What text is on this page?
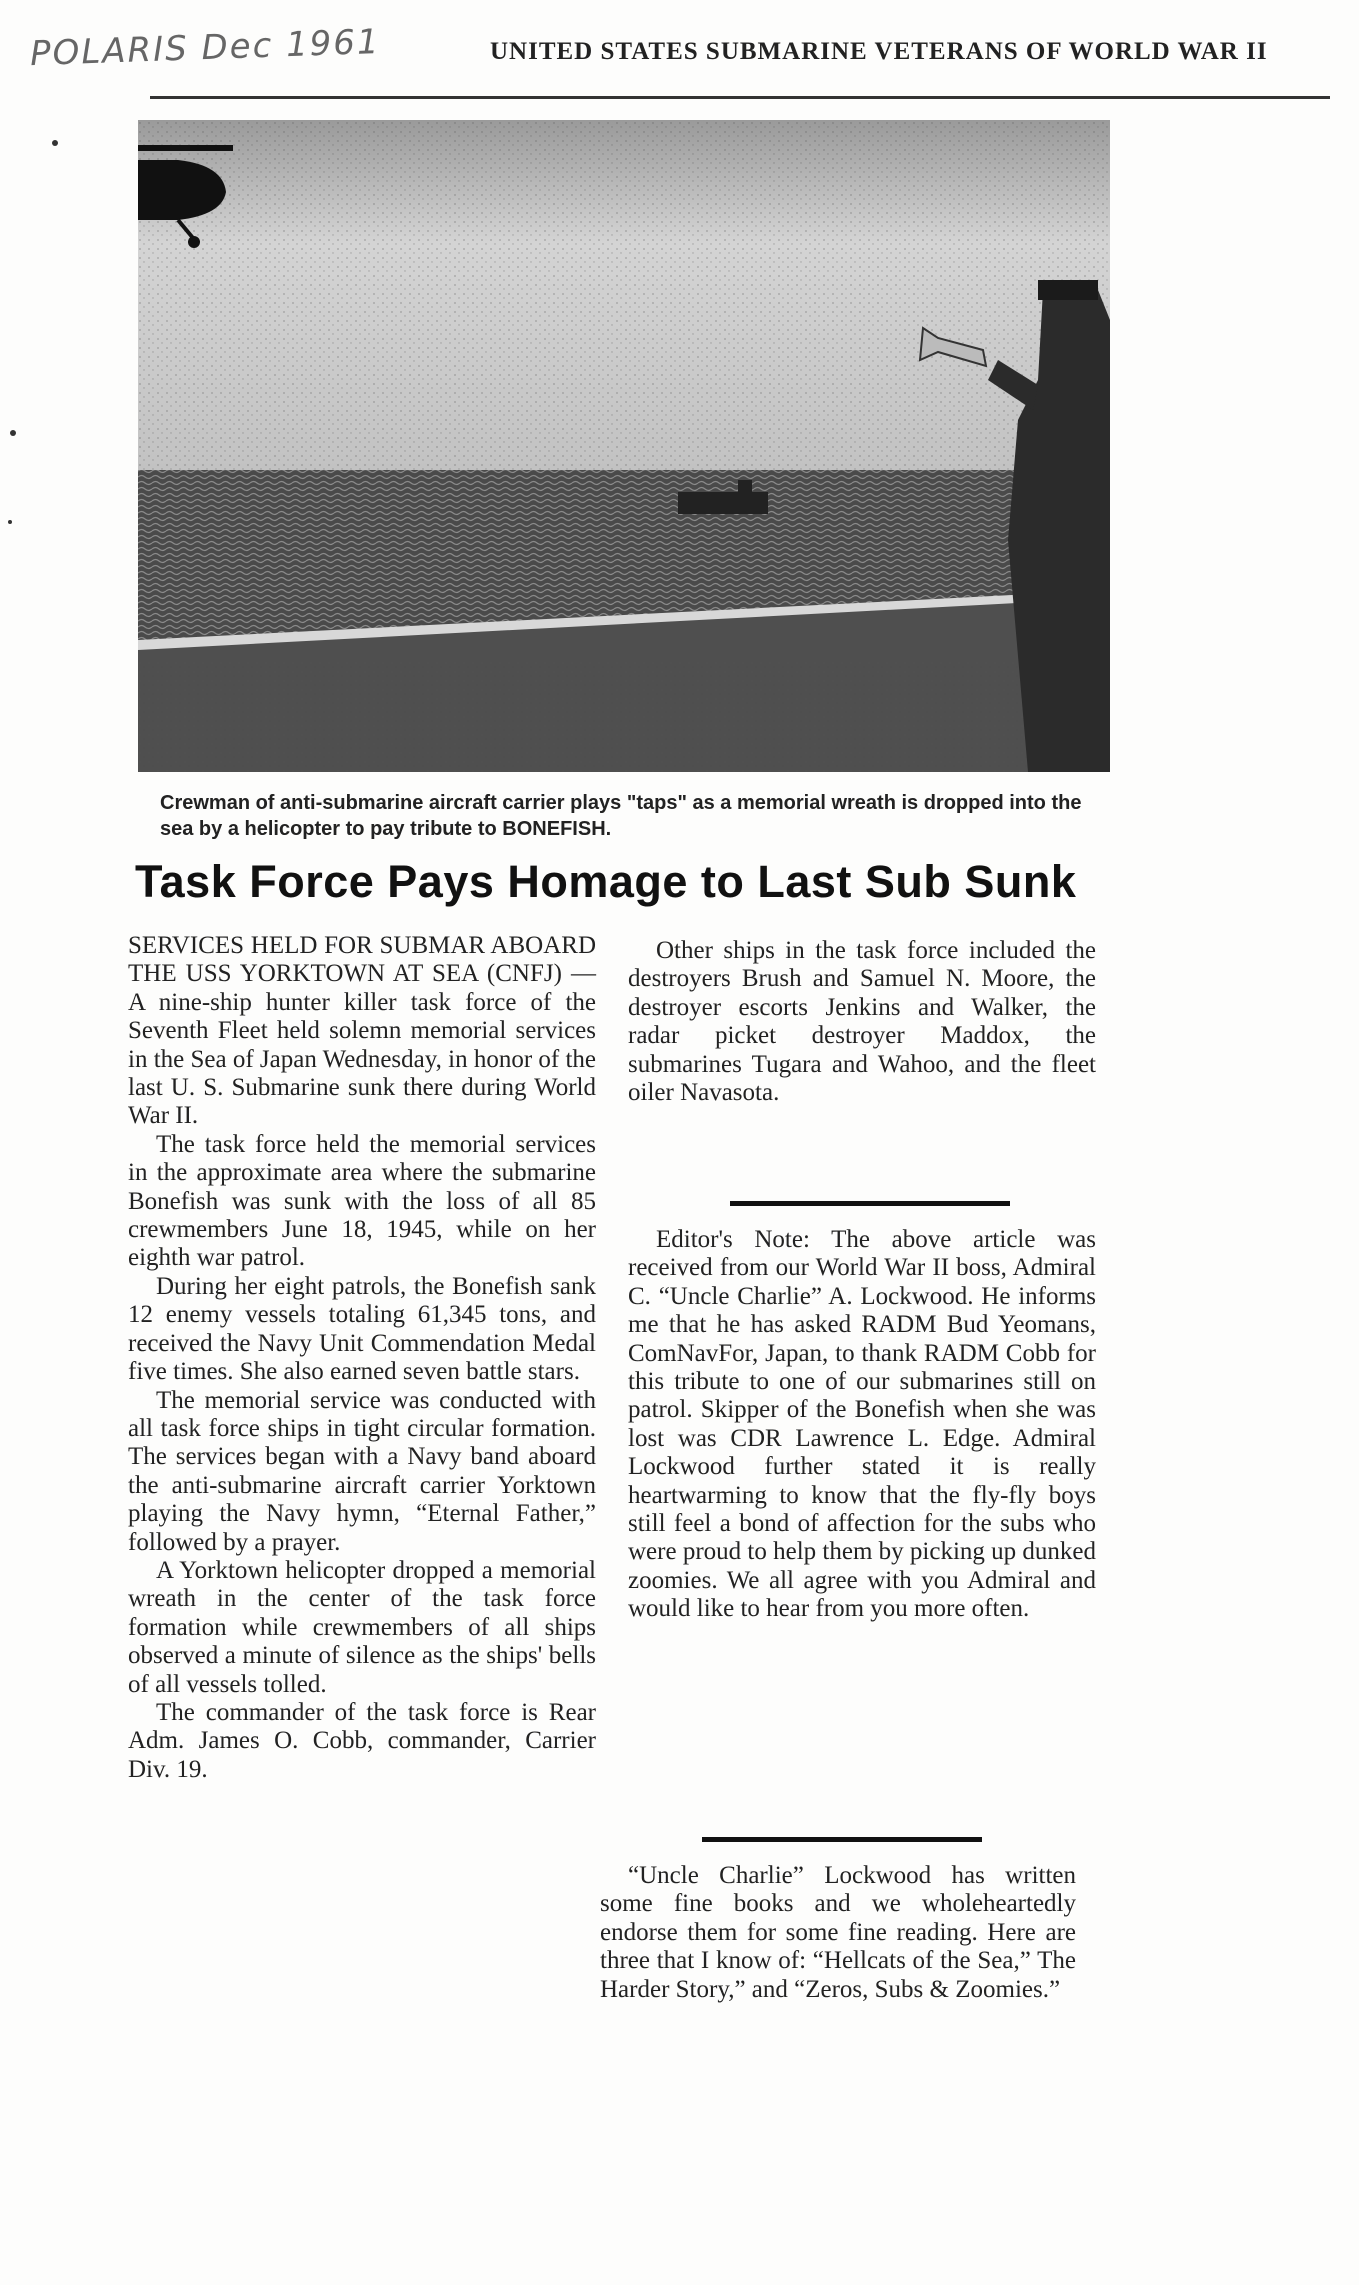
POLARIS Dec 1961	UNITED STATES SUBMARINE VETERANS OF WORLD WAR II
Crewman of anti-submarine aircraft carrier plays "taps" as a memorial wreath is dropped into the sea by a helicopter to pay tribute to BONEFISH.
Task Force Pays Homage to Last Sub Sunk

SERVICES HELD FOR SUBMAR ABOARD THE USS YORKTOWN AT SEA (CNFJ) — A nine-ship hunter killer task force of the Seventh Fleet held solemn memorial services in the Sea of Japan Wednesday, in honor of the last U. S. Submarine sunk there during World War II.

The task force held the memorial services in the approximate area where the submarine Bonefish was sunk with the loss of all 85 crewmembers June 18, 1945, while on her eighth war patrol.

During her eight patrols, the Bonefish sank 12 enemy vessels totaling 61,345 tons, and received the Navy Unit Commendation Medal five times. She also earned seven battle stars.

The memorial service was conducted with all task force ships in tight circular formation. The services began with a Navy band aboard the anti-submarine aircraft carrier Yorktown playing the Navy hymn, “Eternal Father,” followed by a prayer.

A Yorktown helicopter dropped a memorial wreath in the center of the task force formation while crewmembers of all ships observed a minute of silence as the ships' bells of all vessels tolled.

The commander of the task force is Rear Adm. James O. Cobb, commander, Carrier Div. 19.

Other ships in the task force included the destroyers Brush and Samuel N. Moore, the destroyer escorts Jenkins and Walker, the radar picket destroyer Maddox, the submarines Tugara and Wahoo, and the fleet oiler Navasota.

Editor's Note: The above article was received from our World War II boss, Admiral C. “Uncle Charlie” A. Lockwood. He informs me that he has asked RADM Bud Yeomans, ComNavFor, Japan, to thank RADM Cobb for this tribute to one of our submarines still on patrol. Skipper of the Bonefish when she was lost was CDR Lawrence L. Edge. Admiral Lockwood further stated it is really heartwarming to know that the fly-fly boys still feel a bond of affection for the subs who were proud to help them by picking up dunked zoomies. We all agree with you Admiral and would like to hear from you more often.

“Uncle Charlie” Lockwood has written some fine books and we wholeheartedly endorse them for some fine reading. Here are three that I know of: “Hellcats of the Sea,” The Harder Story,” and “Zeros, Subs & Zoomies.”
